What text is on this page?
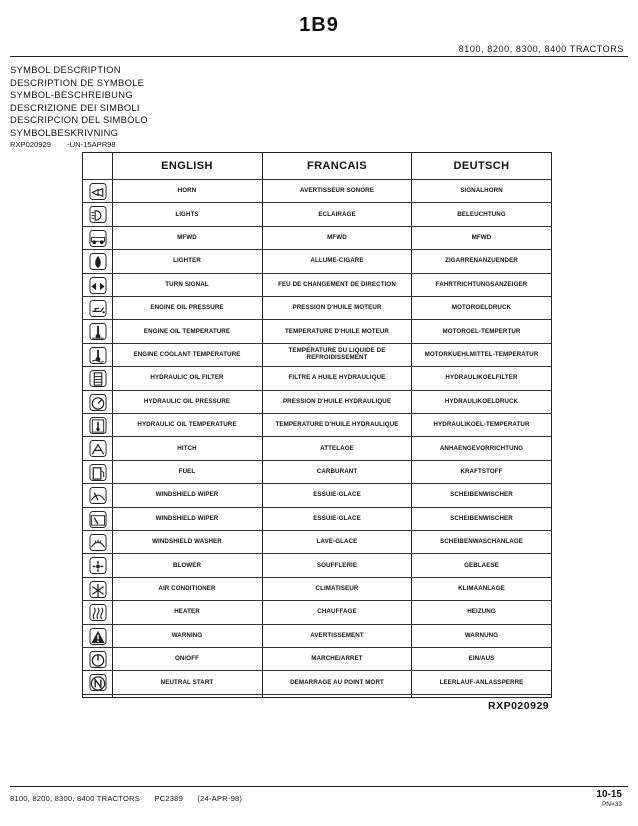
1B9
8100, 8200, 8300, 8400 TRACTORS
SYMBOL DESCRIPTION
DESCRIPTION DE SYMBOLE
SYMBOL-BESCHREIBUNG
DESCRIZIONE DEI SIMBOLI
DESCRIPCION DEL SIMBOLO
SYMBOLBESKRIVNING
RXP020929 -UN-15APR98
ENGLISH	FRANCAIS	DEUTSCH
HORN	AVERTISSEUR SONORE	SIGNALHORN
LIGHTS	ECLAIRAGE	BELEUCHTUNG
MFWD	MFWD	MFWD
LIGHTER	ALLUME-CIGARE	ZIGARRENANZUENDER
TURN SIGNAL	FEU DE CHANGEMENT DE DIRECTION	FAHRTRICHTUNGSANZEIGER
ENGINE OIL PRESSURE	PRESSION D'HUILE MOTEUR	MOTOROELDRUCK
ENGINE OIL TEMPERATURE	TEMPERATURE D'HUILE MOTEUR	MOTOROEL-TEMPERTUR
ENGINE COOLANT TEMPERATURE	TEMPERATURE DU LIQUIDE DE REFROIDISSEMENT	MOTORKUEHLMITTEL-TEMPERATUR
HYDRAULIC OIL FILTER	FILTRE A HUILE HYDRAULIQUE	HYDRAULIKOELFILTER
HYDRAULIC OIL PRESSURE	PRESSION D'HUILE HYDRAULIQUE	HYDRAULIKOELDRUCK
HYDRAULIC OIL TEMPERATURE	TEMPERATURE D'HUILE HYDRAULIQUE	HYDRAULIKOEL-TEMPERATUR
HITCH	ATTELAGE	ANHAENGEVORRICHTUNG
FUEL	CARBURANT	KRAFTSTOFF
WINDSHIELD WIPER	ESSUIE-GLACE	SCHEIBENWISCHER
WINDSHIELD WIPER	ESSUIE-GLACE	SCHEIBENWISCHER
WINDSHIELD WASHER	LAVE-GLACE	SCHEIBENWASCHANLAGE
BLOWER	SOUFFLERIE	GEBLAESE
AIR CONDITIONER	CLIMATISEUR	KLIMAANLAGE
HEATER	CHAUFFAGE	HEIZUNG
WARNING	AVERTISSEMENT	WARNUNG
ON/OFF	MARCHE/ARRET	EIN/AUS
NEUTRAL START	DEMARRAGE AU POINT MORT	LEERLAUF-ANLASSPERRE
RXP020929
8100, 8200, 8300, 8400 TRACTORS PC2389 (24-APR-98)	10-15
PN=33
